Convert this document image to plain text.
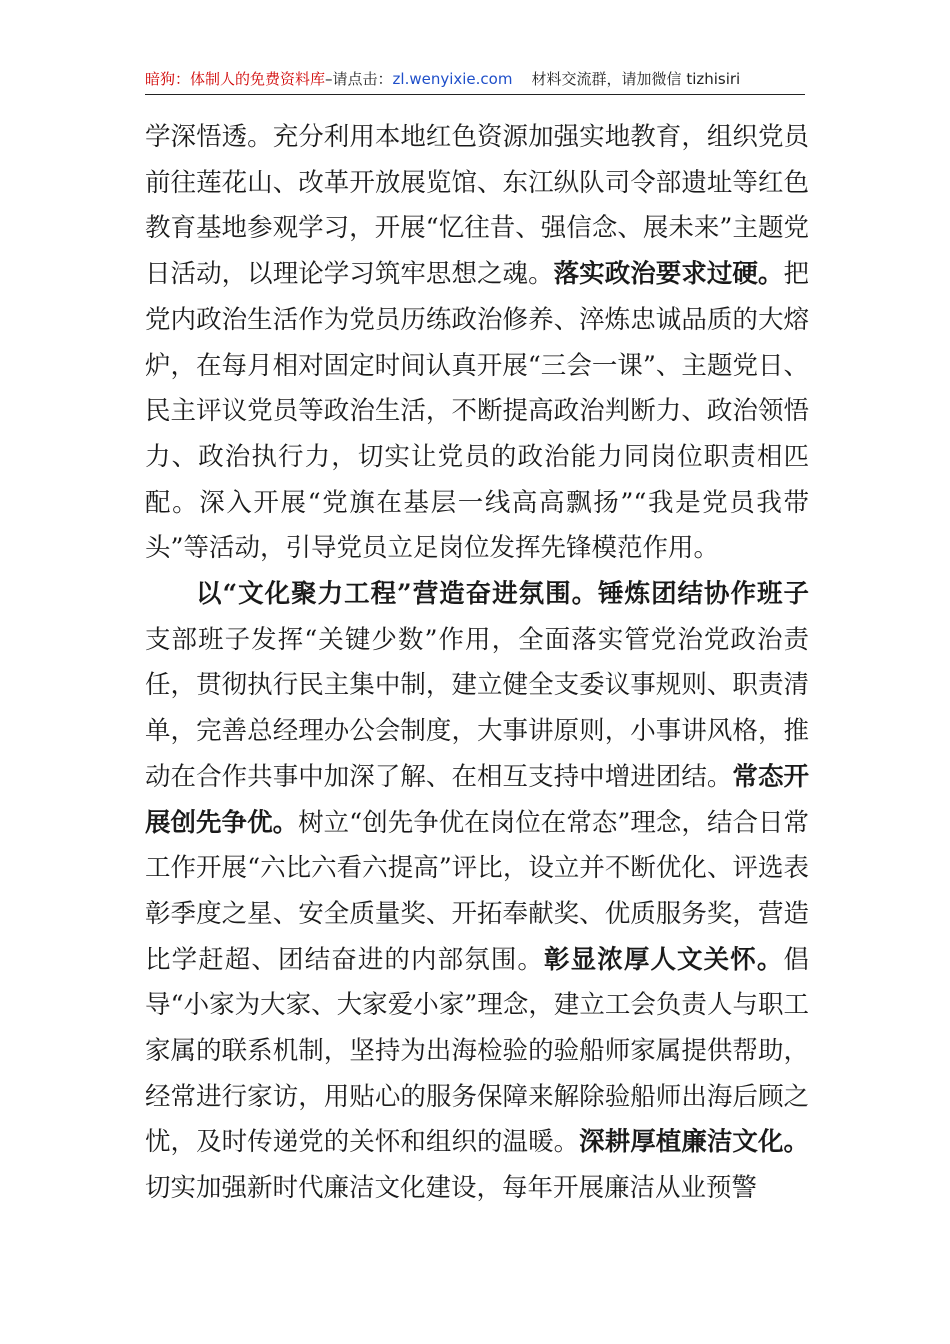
暗狗：体制人的免费资料库–请点击：zl.wenyixie.com 材料交流群，请加微信 tizhisiri

学深悟透。充分利用本地红色资源加强实地教育，组织党员前往莲花山、改革开放展览馆、东江纵队司令部遗址等红色教育基地参观学习，开展“忆往昔、强信念、展未来”主题党日活动，以理论学习筑牢思想之魂。落实政治要求过硬。把党内政治生活作为党员历练政治修养、淬炼忠诚品质的大熔炉，在每月相对固定时间认真开展“三会一课”、主题党日、民主评议党员等政治生活，不断提高政治判断力、政治领悟力、政治执行力，切实让党员的政治能力同岗位职责相匹配。深入开展“党旗在基层一线高高飘扬”“我是党员我带头”等活动，引导党员立足岗位发挥先锋模范作用。

以“文化聚力工程”营造奋进氛围。锤炼团结协作班子支部班子发挥“关键少数”作用，全面落实管党治党政治责任，贯彻执行民主集中制，建立健全支委议事规则、职责清单，完善总经理办公会制度，大事讲原则，小事讲风格，推动在合作共事中加深了解、在相互支持中增进团结。常态开展创先争优。树立“创先争优在岗位在常态”理念，结合日常工作开展“六比六看六提高”评比，设立并不断优化、评选表彰季度之星、安全质量奖、开拓奉献奖、优质服务奖，营造比学赶超、团结奋进的内部氛围。彰显浓厚人文关怀。倡导“小家为大家、大家爱小家”理念，建立工会负责人与职工家属的联系机制，坚持为出海检验的验船师家属提供帮助，经常进行家访，用贴心的服务保障来解除验船师出海后顾之忧，及时传递党的关怀和组织的温暖。深耕厚植廉洁文化。切实加强新时代廉洁文化建设，每年开展廉洁从业预警
